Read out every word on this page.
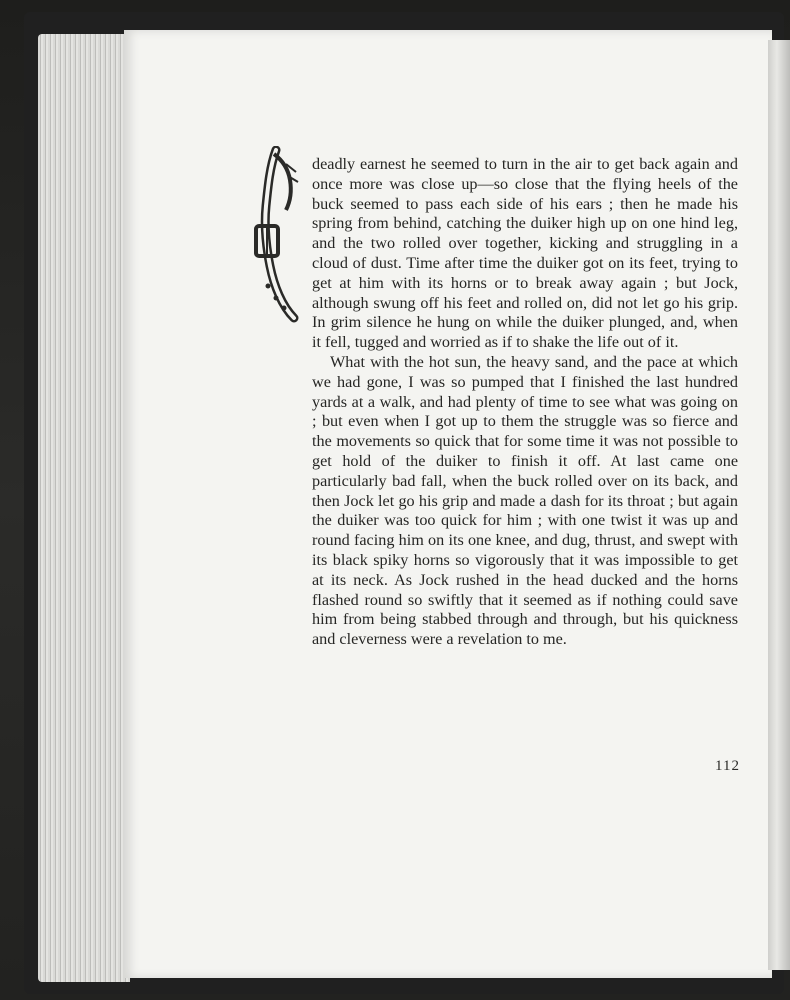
deadly earnest he seemed to turn in the air to get back again and once more was close up—so close that the flying heels of the buck seemed to pass each side of his ears ; then he made his spring from behind, catching the duiker high up on one hind leg, and the two rolled over together, kicking and struggling in a cloud of dust. Time after time the duiker got on its feet, trying to get at him with its horns or to break away again ; but Jock, although swung off his feet and rolled on, did not let go his grip. In grim silence he hung on while the duiker plunged, and, when it fell, tugged and worried as if to shake the life out of it.

What with the hot sun, the heavy sand, and the pace at which we had gone, I was so pumped that I finished the last hundred yards at a walk, and had plenty of time to see what was going on ; but even when I got up to them the struggle was so fierce and the movements so quick that for some time it was not possible to get hold of the duiker to finish it off. At last came one particularly bad fall, when the buck rolled over on its back, and then Jock let go his grip and made a dash for its throat ; but again the duiker was too quick for him ; with one twist it was up and round facing him on its one knee, and dug, thrust, and swept with its black spiky horns so vigorously that it was impossible to get at its neck. As Jock rushed in the head ducked and the horns flashed round so swiftly that it seemed as if nothing could save him from being stabbed through and through, but his quickness and cleverness were a revelation to me.

112
